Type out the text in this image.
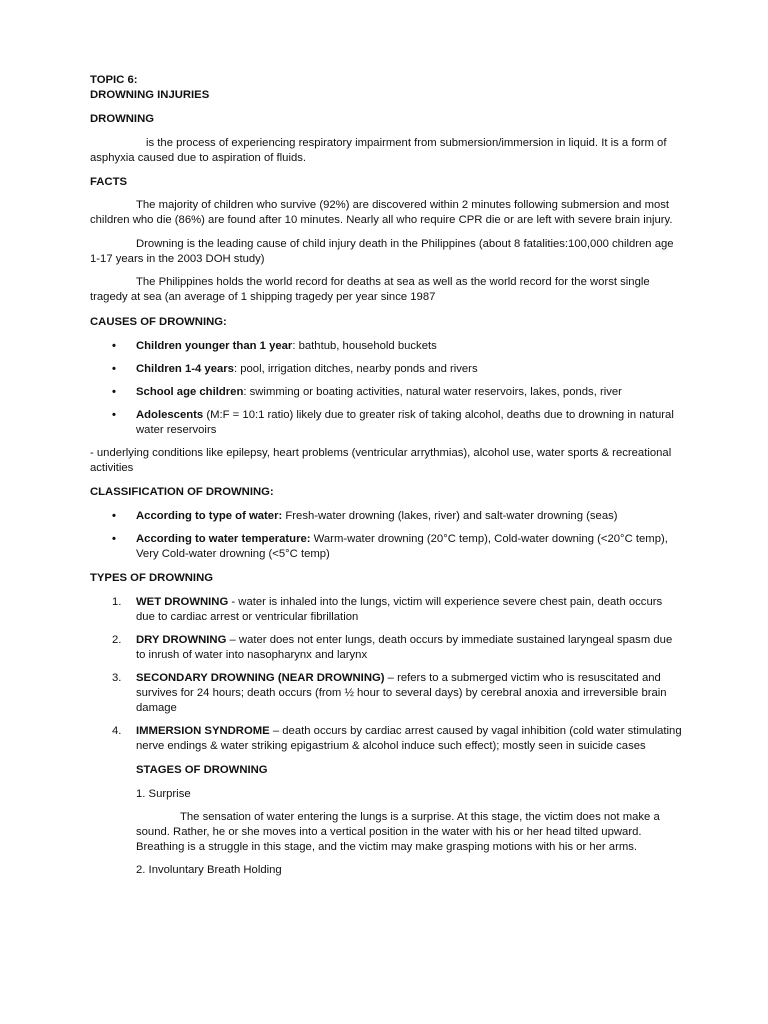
TOPIC 6:

DROWNING INJURIES

DROWNING

is the process of experiencing respiratory impairment from submersion/immersion in liquid. It is a form of asphyxia caused due to aspiration of fluids.

FACTS

The majority of children who survive (92%) are discovered within 2 minutes following submersion and most children who die (86%) are found after 10 minutes. Nearly all who require CPR die or are left with severe brain injury.

Drowning is the leading cause of child injury death in the Philippines (about 8 fatalities:100,000 children age 1-17 years in the 2003 DOH study)

The Philippines holds the world record for deaths at sea as well as the world record for the worst single tragedy at sea (an average of 1 shipping tragedy per year since 1987

CAUSES OF DROWNING:

• Children younger than 1 year: bathtub, household buckets
• Children 1-4 years: pool, irrigation ditches, nearby ponds and rivers
• School age children: swimming or boating activities, natural water reservoirs, lakes, ponds, river
• Adolescents (M:F = 10:1 ratio) likely due to greater risk of taking alcohol, deaths due to drowning in natural water reservoirs

- underlying conditions like epilepsy, heart problems (ventricular arrythmias), alcohol use, water sports & recreational activities

CLASSIFICATION OF DROWNING:

• According to type of water: Fresh-water drowning (lakes, river) and salt-water drowning (seas)
• According to water temperature: Warm-water drowning (20°C temp), Cold-water downing (<20°C temp), Very Cold-water drowning (<5°C temp)

TYPES OF DROWNING

1. WET DROWNING - water is inhaled into the lungs, victim will experience severe chest pain, death occurs due to cardiac arrest or ventricular fibrillation
2. DRY DROWNING – water does not enter lungs, death occurs by immediate sustained laryngeal spasm due to inrush of water into nasopharynx and larynx
3. SECONDARY DROWNING (NEAR DROWNING) – refers to a submerged victim who is resuscitated and survives for 24 hours; death occurs (from ½ hour to several days) by cerebral anoxia and irreversible brain damage
4. IMMERSION SYNDROME – death occurs by cardiac arrest caused by vagal inhibition (cold water stimulating nerve endings & water striking epigastrium & alcohol induce such effect); mostly seen in suicide cases

STAGES OF DROWNING

1. Surprise

The sensation of water entering the lungs is a surprise. At this stage, the victim does not make a sound. Rather, he or she moves into a vertical position in the water with his or her head tilted upward. Breathing is a struggle in this stage, and the victim may make grasping motions with his or her arms.

2. Involuntary Breath Holding
